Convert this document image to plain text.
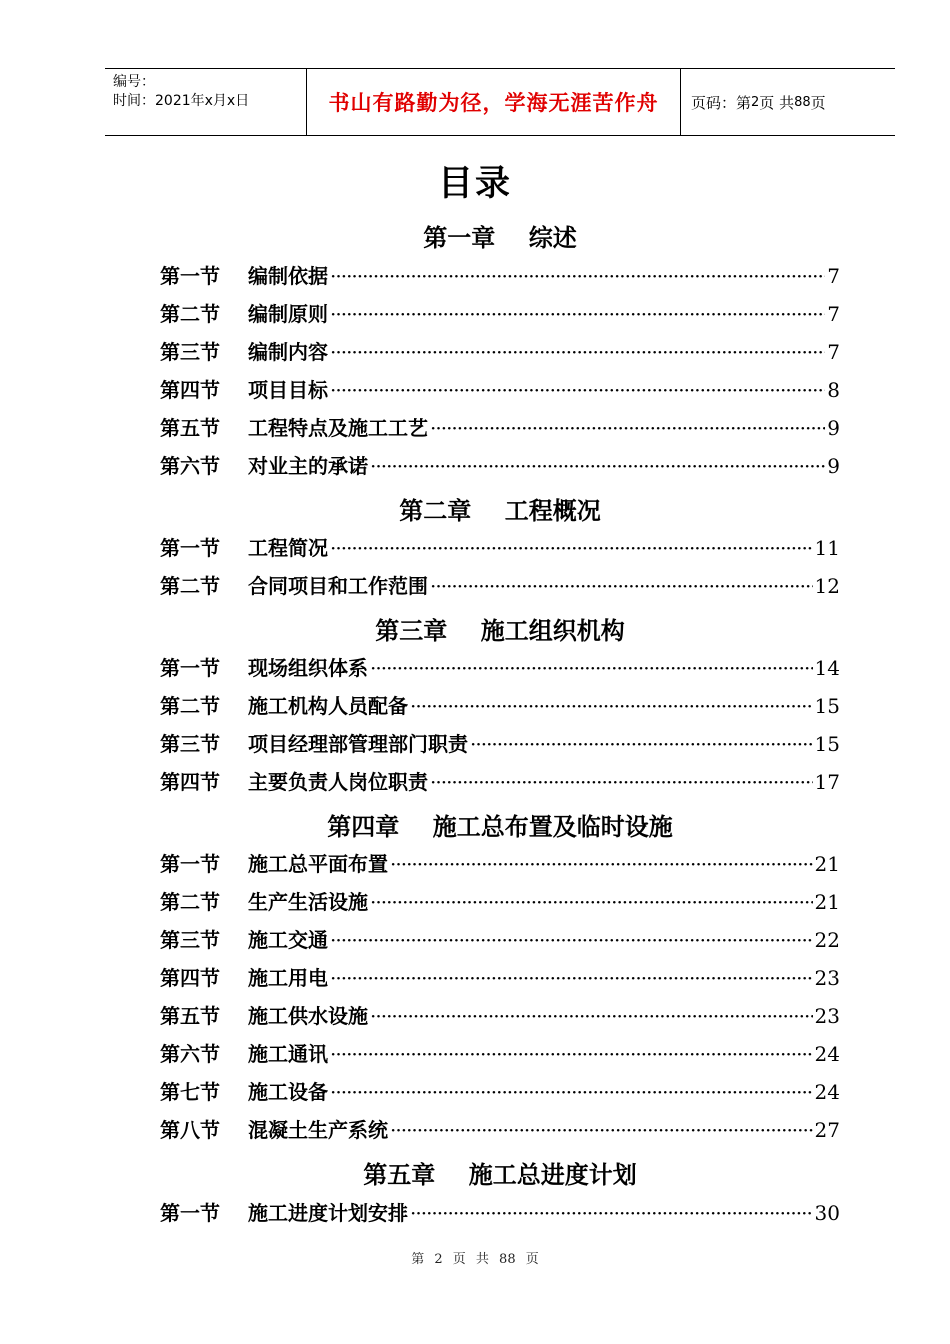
编号：
时间：2021年x月x日	书山有路勤为径，学海无涯苦作舟	页码：第 2 页 共 88 页
目录
第一章    综述
第一节	编制依据 ·····	7
第二节	编制原则 ·····	7
第三节	编制内容 ·····	7
第四节	项目目标 ·····	8
第五节	工程特点及施工工艺 ·····	9
第六节	对业主的承诺 ·····	9
第二章    工程概况
第一节	工程简况 ·····	11
第二节	合同项目和工作范围 ·····	12
第三章    施工组织机构
第一节	现场组织体系 ·····	14
第二节	施工机构人员配备 ·····	15
第三节	项目经理部管理部门职责 ·····	15
第四节	主要负责人岗位职责 ·····	17
第四章    施工总布置及临时设施
第一节	施工总平面布置 ·····	21
第二节	生产生活设施 ·····	21
第三节	施工交通 ·····	22
第四节	施工用电 ·····	23
第五节	施工供水设施 ·····	23
第六节	施工通讯 ·····	24
第七节	施工设备 ·····	24
第八节	混凝土生产系统 ·····	27
第五章    施工总进度计划
第一节	施工进度计划安排 ·····	30
第 2 页 共 88 页
